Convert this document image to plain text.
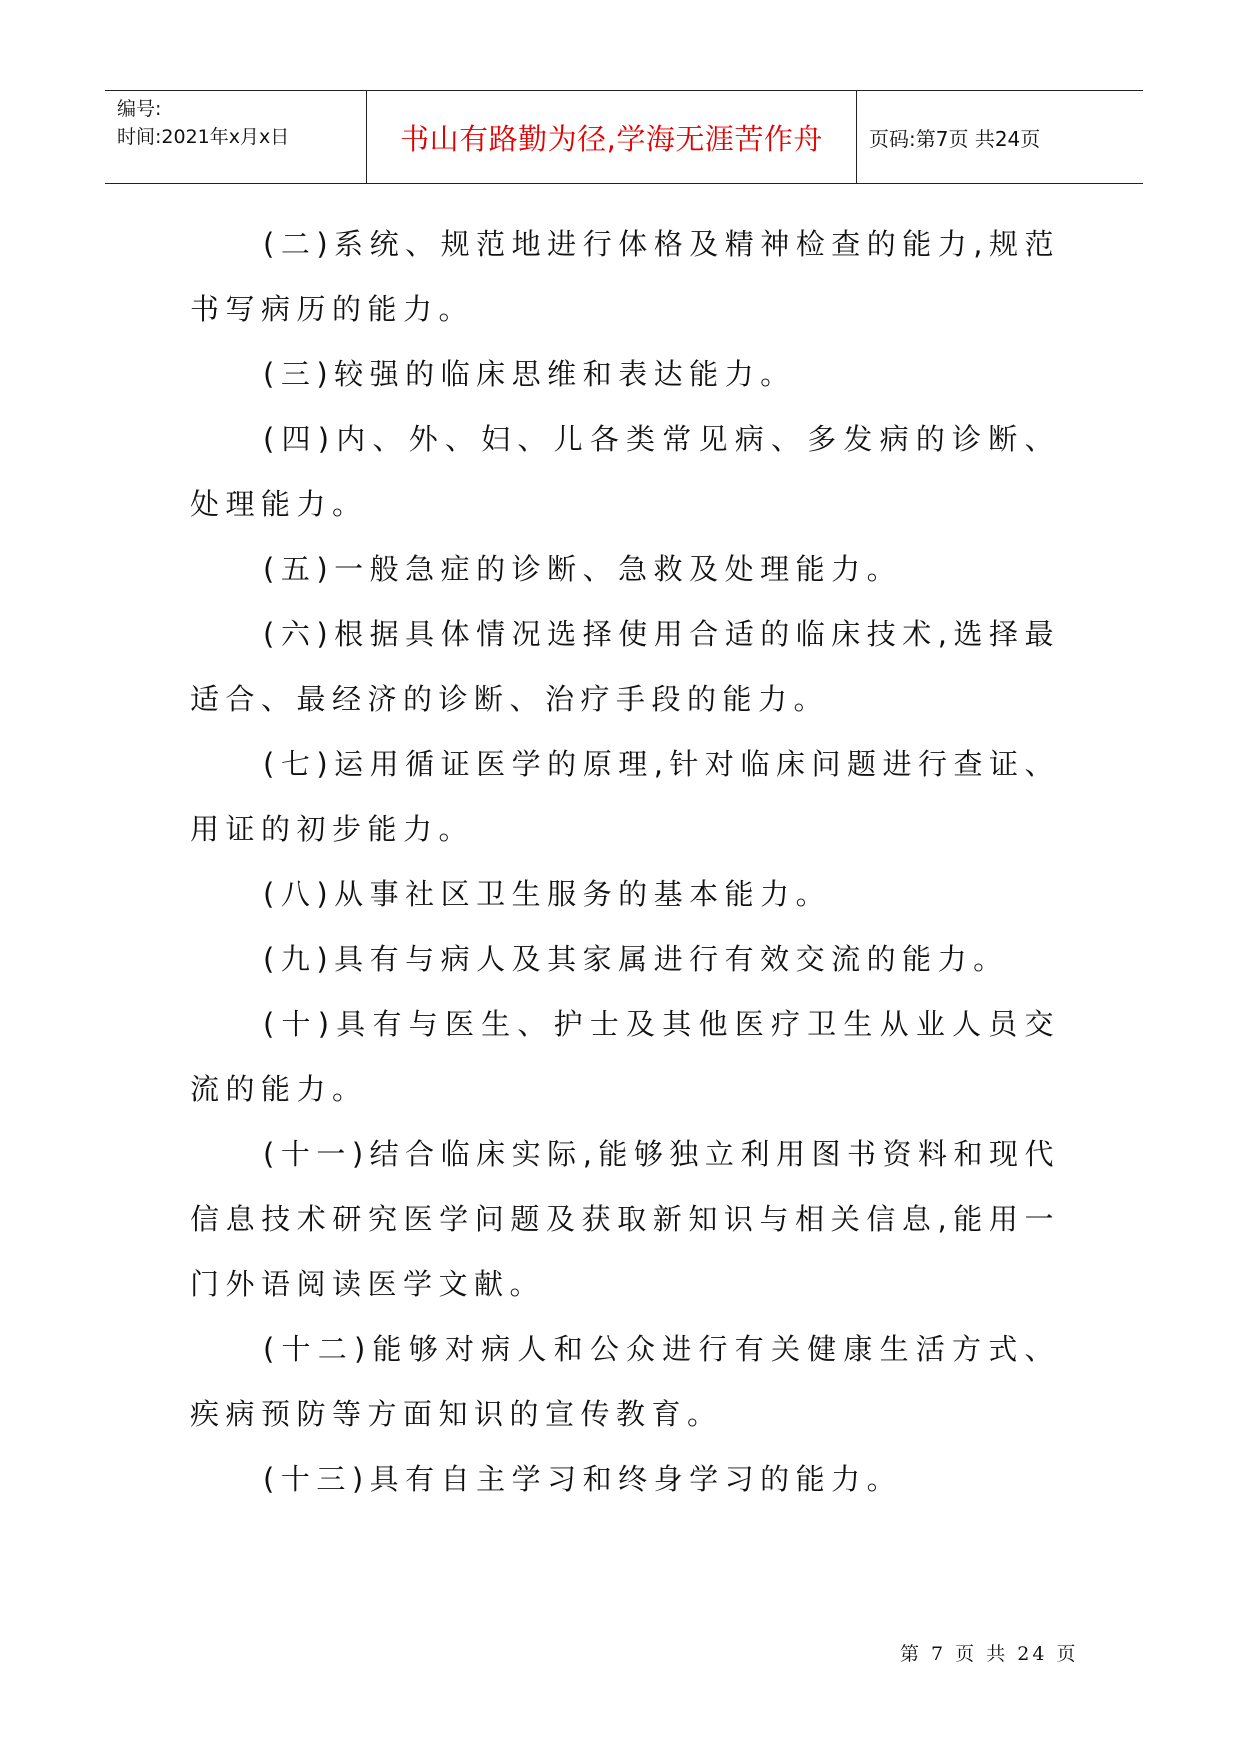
编号:
时间:2021年x月x日	书山有路勤为径,学海无涯苦作舟	页码:第7页 共24页

(二)系统、规范地进行体格及精神检查的能力,规范书写病历的能力。

(三)较强的临床思维和表达能力。

(四)内、外、妇、儿各类常见病、多发病的诊断、处理能力。

(五)一般急症的诊断、急救及处理能力。

(六)根据具体情况选择使用合适的临床技术,选择最适合、最经济的诊断、治疗手段的能力。

(七)运用循证医学的原理,针对临床问题进行查证、用证的初步能力。

(八)从事社区卫生服务的基本能力。

(九)具有与病人及其家属进行有效交流的能力。

(十)具有与医生、护士及其他医疗卫生从业人员交流的能力。

(十一)结合临床实际,能够独立利用图书资料和现代信息技术研究医学问题及获取新知识与相关信息,能用一门外语阅读医学文献。

(十二)能够对病人和公众进行有关健康生活方式、疾病预防等方面知识的宣传教育。

(十三)具有自主学习和终身学习的能力。

第 7 页 共 24 页
